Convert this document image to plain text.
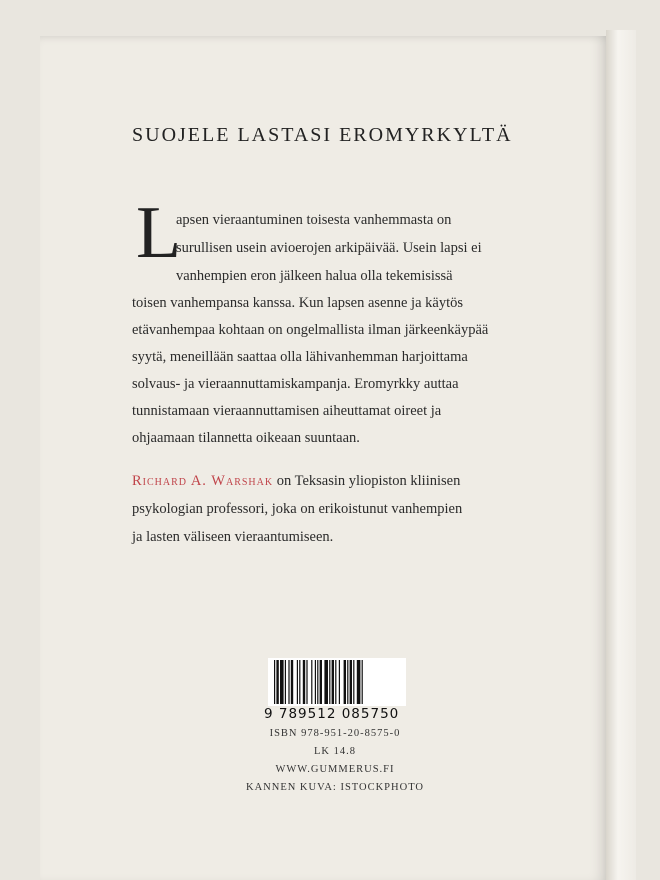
SUOJELE LASTASI EROMYRKYLTÄ
L
apsen vieraantuminen toisesta vanhemmasta on
surullisen usein avioerojen arkipäivää. Usein lapsi ei
vanhempien eron jälkeen halua olla tekemisissä
toisen vanhempansa kanssa. Kun lapsen asenne ja käytös
etävanhempaa kohtaan on ongelmallista ilman järkeenkäypää
syytä, meneillään saattaa olla lähivanhemman harjoittama
solvaus- ja vieraannuttamiskampanja. Eromyrkky auttaa
tunnistamaan vieraannuttamisen aiheuttamat oireet ja
ohjaamaan tilannetta oikeaan suuntaan.
Richard A. Warshak on Teksasin yliopiston kliinisen
psykologian professori, joka on erikoistunut vanhempien
ja lasten väliseen vieraantumiseen.
9 789512 085750
ISBN 978-951-20-8575-0
LK 14.8
WWW.GUMMERUS.FI
KANNEN KUVA: ISTOCKPHOTO
